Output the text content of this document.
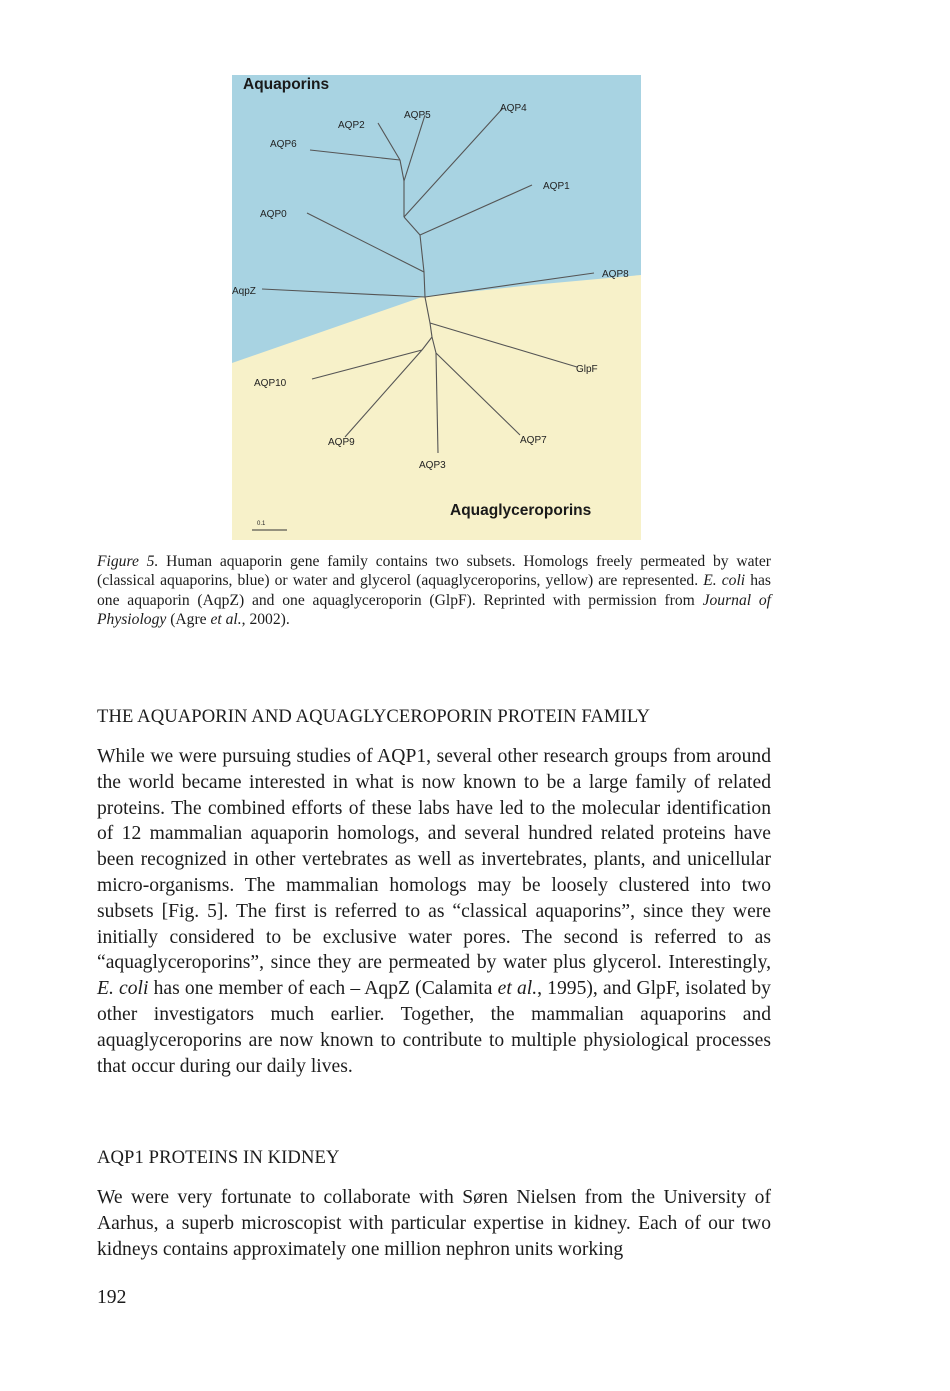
Aquaporins
Aquaglyceroporins
0.1
AQP6
AQP2
AQP5
AQP4
AQP1
AQP0
AQP8
AqpZ
GlpF
AQP10
AQP9	AQP7
AQP3

Figure 5. Human aquaporin gene family contains two subsets. Homologs freely permeated by water (classical aquaporins, blue) or water and glycerol (aquaglyceroporins, yellow) are represented. E. coli has one aquaporin (AqpZ) and one aquaglyceroporin (GlpF). Reprinted with permission from Journal of Physiology (Agre et al., 2002).

THE AQUAPORIN AND AQUAGLYCEROPORIN PROTEIN FAMILY

While we were pursuing studies of AQP1, several other research groups from around the world became interested in what is now known to be a large family of related proteins. The combined efforts of these labs have led to the molecular identification of 12 mammalian aquaporin homologs, and several hundred related proteins have been recognized in other vertebrates as well as invertebrates, plants, and unicellular micro-organisms. The mammalian homologs may be loosely clustered into two subsets [Fig. 5]. The first is referred to as “classical aquaporins”, since they were initially considered to be exclusive water pores. The second is referred to as “aquaglyceroporins”, since they are permeated by water plus glycerol. Interestingly, E. coli has one member of each – AqpZ (Calamita et al., 1995), and GlpF, isolated by other investigators much earlier. Together, the mammalian aquaporins and aquaglyceroporins are now known to contribute to multiple physiological processes that occur during our daily lives.

AQP1 PROTEINS IN KIDNEY

We were very fortunate to collaborate with Søren Nielsen from the University of Aarhus, a superb microscopist with particular expertise in kidney. Each of our two kidneys contains approximately one million nephron units working

192
